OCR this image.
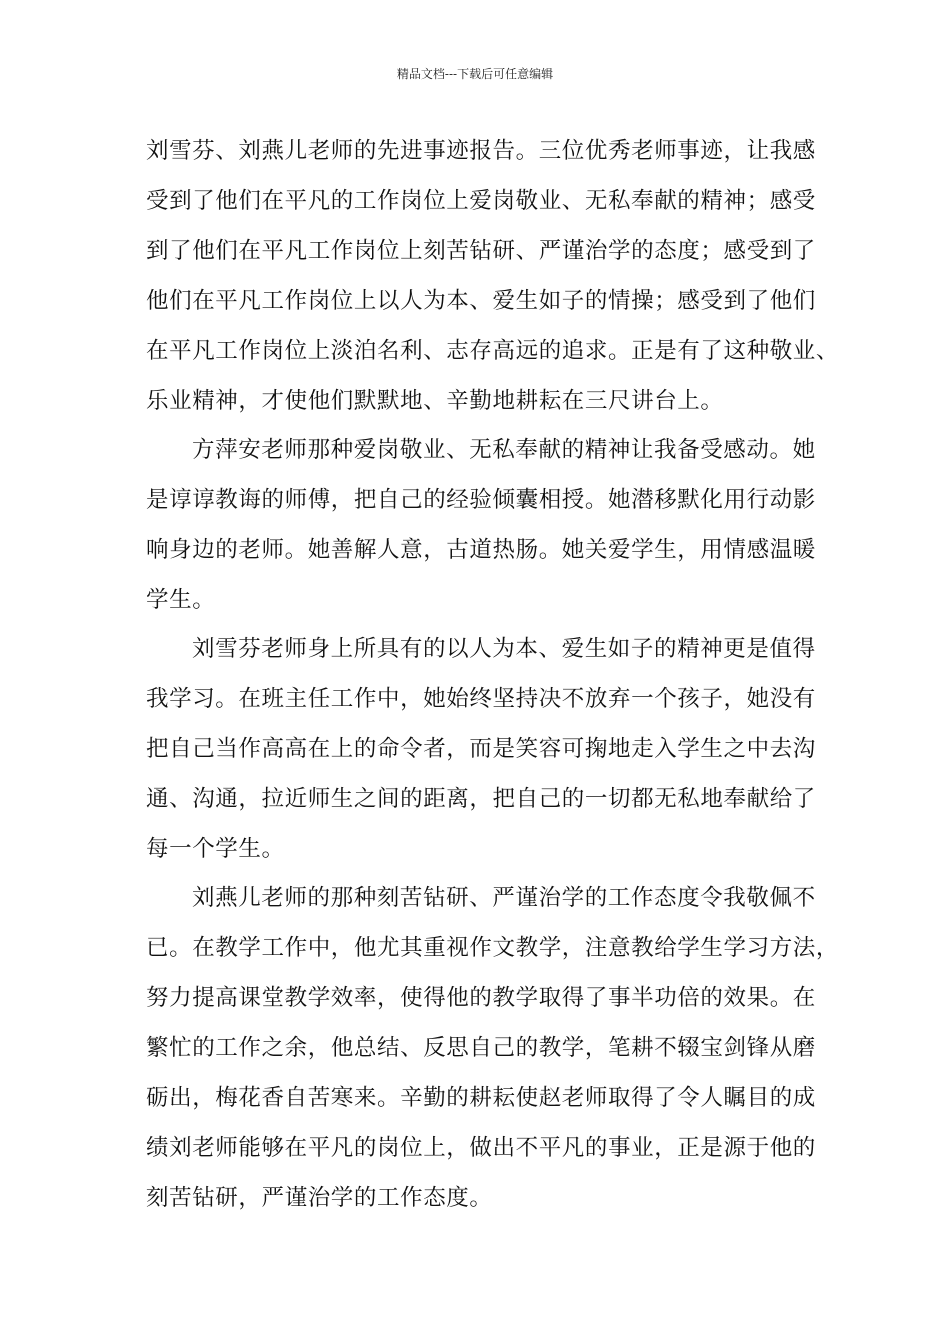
精品文档---下载后可任意编辑
刘雪芬、刘燕儿老师的先进事迹报告。三位优秀老师事迹，让我感
受到了他们在平凡的工作岗位上爱岗敬业、无私奉献的精神；感受
到了他们在平凡工作岗位上刻苦钻研、严谨治学的态度；感受到了
他们在平凡工作岗位上以人为本、爱生如子的情操；感受到了他们
在平凡工作岗位上淡泊名利、志存高远的追求。正是有了这种敬业、
乐业精神，才使他们默默地、辛勤地耕耘在三尺讲台上。
方萍安老师那种爱岗敬业、无私奉献的精神让我备受感动。她
是谆谆教诲的师傅，把自己的经验倾囊相授。她潜移默化用行动影
响身边的老师。她善解人意，古道热肠。她关爱学生，用情感温暖
学生。
刘雪芬老师身上所具有的以人为本、爱生如子的精神更是值得
我学习。在班主任工作中，她始终坚持决不放弃一个孩子，她没有
把自己当作高高在上的命令者，而是笑容可掬地走入学生之中去沟
通、沟通，拉近师生之间的距离，把自己的一切都无私地奉献给了
每一个学生。
刘燕儿老师的那种刻苦钻研、严谨治学的工作态度令我敬佩不
已。在教学工作中，他尤其重视作文教学，注意教给学生学习方法，
努力提高课堂教学效率，使得他的教学取得了事半功倍的效果。在
繁忙的工作之余，他总结、反思自己的教学，笔耕不辍宝剑锋从磨
砺出，梅花香自苦寒来。辛勤的耕耘使赵老师取得了令人瞩目的成
绩刘老师能够在平凡的岗位上，做出不平凡的事业，正是源于他的
刻苦钻研，严谨治学的工作态度。
